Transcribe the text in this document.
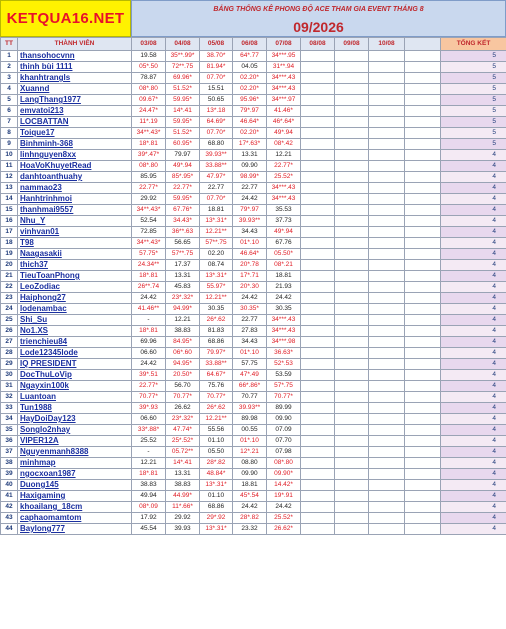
KETQUA16.NET
BẢNG THỐNG KÊ PHONG ĐỘ ACE THAM GIA EVENT THÁNG 8
09/2026
TT	THÀNH VIÊN	03/08	04/08	05/08	06/08	07/08	08/08	09/08	10/08		TỔNG KẾT
1	thansohocvnn	19.58	35**.99*	38.70*	64*.77	34***.95					5
2	thinh bùi 1111	05*.50	72**.75	81.94*	04.05	31**.94					5
3	khanhtrangls	78.87	69.96*	07.70*	02.20*	34***.43					5
4	Xuannd	08*.80	51.52*	15.51	02.20*	34***.43					5
5	LangThang1977	09.67*	59.95*	50.65	95.96*	34***.97					5
6	emvatoi213	24.47*	14*.41	13*.18	79*.97	41.46*					5
7	LOCBATTAN	11*.19	59.95*	64.69*	46.64*	46*.64*					5
8	Toique17	34**.43*	51.52*	07.70*	02.20*	49*.94					5
9	Binhminh-368	18*.81	60.95*	68.80	17*.63*	08*.42					5
10	linhnguyen8xx	39*.47*	79.97	39.93**	13.31	12.21					4
11	HoaVoKhuyetRead	08*.80	49*.94	33.88**	09.90	22.77*					4
12	danhtoanthuahy	85.95	85*.95*	47.97*	98.99*	25.52*					4
13	nammao23	22.77*	22.77*	22.77	22.77	34***.43					4
14	Hanhtrinhmoi	29.92	59.95*	07.70*	24.42	34***.43					4
15	thanhmai9557	34**.43*	67.76*	18.81	79*.97	35.53					4
16	Nhu_Y	52.54	34.43*	13*.31*	39.93**	37.73					4
17	vinhvan01	72.85	36**.63	12.21**	34.43	49*.94					4
18	T98	34**.43*	56.65	57**.75	01*.10	67.76					4
19	Naagasakii	57.75*	57**.75	02.20	46.64*	05.50*					4
20	thich37	24.34**	17.37	08.74	20*.78	08*.21					4
21	TieuToanPhong	18*.81	13.31	13*.31*	17*.71	18.81					4
22	LeoZodiac	26**.74	45.83	55.97*	20*.30	21.93					4
23	Haiphong27	24.42	23*.32*	12.21**	24.42	24.42					4
24	lodenambac	41.46**	94.99*	30.35	30.35*	30.35					4
25	Shi_Su	-	12.21	26*.62	22.77	34***.43					4
26	No1.XS	18*.81	38.83	81.83	27.83	34***.43					4
27	trienchieu84	69.96	84.95*	68.86	34.43	34***.98					4
28	Lode12345lode	06.60	06*.60	79.97*	01*.10	36.63*					4
29	IQ PRESIDENT	24.42	94.95*	33.88**	57.75	52*.53					4
30	DocThuLoVip	39*.51	20.50*	64.67*	47*.49	53.59					4
31	Ngayxin100k	22.77*	56.70	75.76	66*.86*	57*.75					4
32	Luantoan	70.77*	70.77*	70.77*	70.77	70.77*					4
33	Tun1988	39*.93	26.62	26*.62	39.93**	89.99					4
34	HayDoiDay123	06.60	23*.32*	12.21**	89.98	09.90					4
35	Songlo2nhay	33*.88*	47.74*	55.56	00.55	07.09					4
36	VIPER12A	25.52	25*.52*	01.10	01*.10	07.70					4
37	Nguyenmanh8388	-	05.72**	05.50	12*.21	07.98					4
38	minhmap	12.21	14*.41	28*.82	08.80	08*.80					4
39	ngocxoan1987	18*.81	13.31	48.84*	09.90	09.90*					4
40	Duong145	38.83	38.83	13*.31*	18.81	14.42*					4
41	Haxigaming	49.94	44.99*	01.10	45*.54	19*.91					4
42	khoailang_18cm	08*.09	11*.66*	68.86	24.42	24.42					4
43	caphaomamtom	17.92	29.92	29*.92	28*.82	25.52*					4
44	Baylong777	45.54	39.93	13*.31*	23.32	26.62*					4
